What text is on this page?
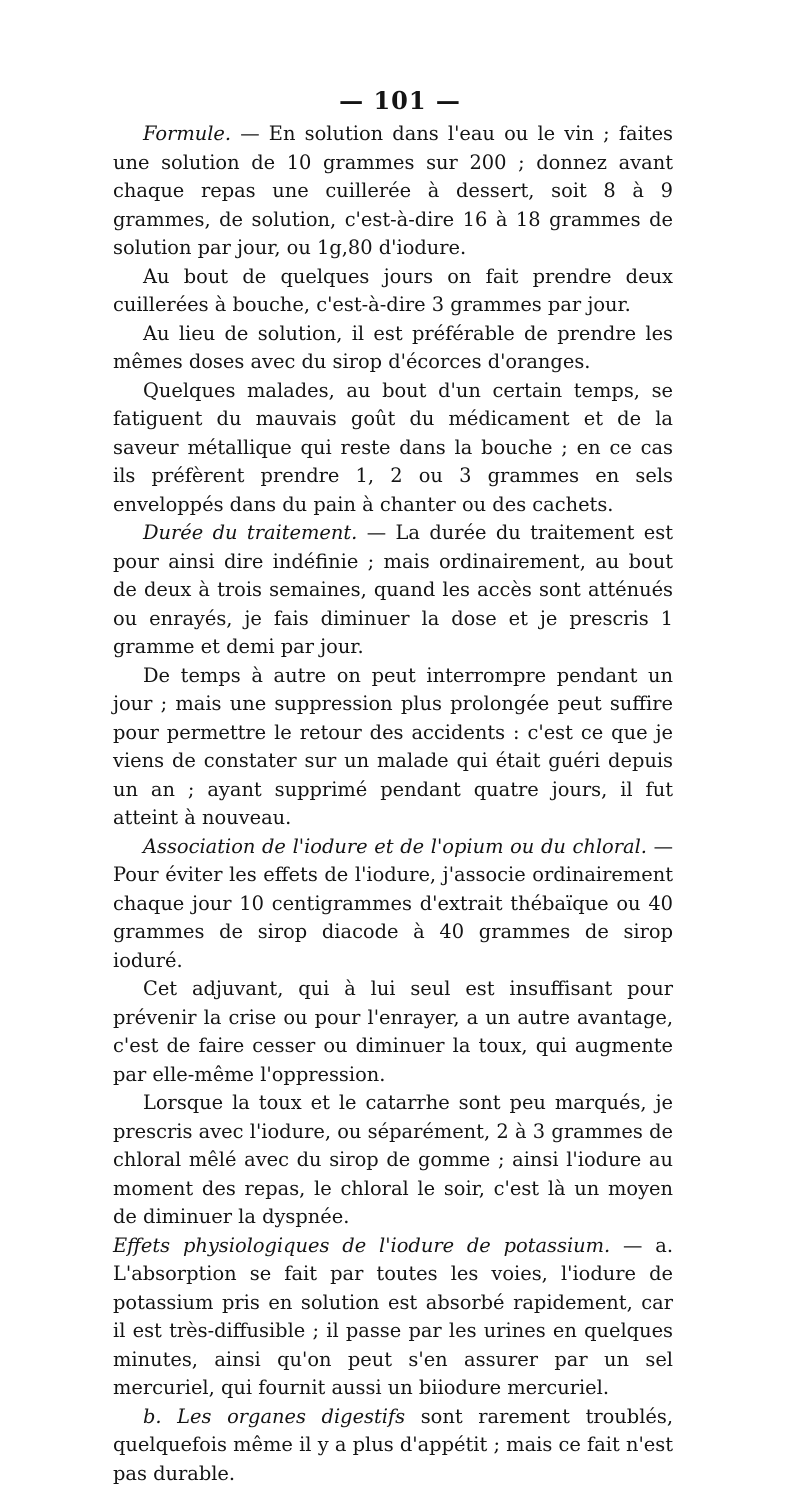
— 101 —

Formule. — En solution dans l'eau ou le vin ; faites une solution de 10 grammes sur 200 ; donnez avant chaque repas une cuillerée à dessert, soit 8 à 9 grammes, de solution, c'est-à-dire 16 à 18 grammes de solution par jour, ou 1g,80 d'iodure.

Au bout de quelques jours on fait prendre deux cuillerées à bouche, c'est-à-dire 3 grammes par jour.

Au lieu de solution, il est préférable de prendre les mêmes doses avec du sirop d'écorces d'oranges.

Quelques malades, au bout d'un certain temps, se fatiguent du mauvais goût du médicament et de la saveur métallique qui reste dans la bouche ; en ce cas ils préfèrent prendre 1, 2 ou 3 grammes en sels enveloppés dans du pain à chanter ou des cachets.

Durée du traitement. — La durée du traitement est pour ainsi dire indéfinie ; mais ordinairement, au bout de deux à trois semaines, quand les accès sont atténués ou enrayés, je fais diminuer la dose et je prescris 1 gramme et demi par jour.

De temps à autre on peut interrompre pendant un jour ; mais une suppression plus prolongée peut suffire pour permettre le retour des accidents : c'est ce que je viens de constater sur un malade qui était guéri depuis un an ; ayant supprimé pendant quatre jours, il fut atteint à nouveau.

Association de l'iodure et de l'opium ou du chloral. — Pour éviter les effets de l'iodure, j'associe ordinairement chaque jour 10 centigrammes d'extrait thébaïque ou 40 grammes de sirop diacode à 40 grammes de sirop ioduré.

Cet adjuvant, qui à lui seul est insuffisant pour prévenir la crise ou pour l'enrayer, a un autre avantage, c'est de faire cesser ou diminuer la toux, qui augmente par elle-même l'oppression.

Lorsque la toux et le catarrhe sont peu marqués, je prescris avec l'iodure, ou séparément, 2 à 3 grammes de chloral mêlé avec du sirop de gomme ; ainsi l'iodure au moment des repas, le chloral le soir, c'est là un moyen de diminuer la dyspnée.

Effets physiologiques de l'iodure de potassium. — a. L'absorption se fait par toutes les voies, l'iodure de potassium pris en solution est absorbé rapidement, car il est très-diffusible ; il passe par les urines en quelques minutes, ainsi qu'on peut s'en assurer par un sel mercuriel, qui fournit aussi un biiodure mercuriel.

b. Les organes digestifs sont rarement troublés, quelquefois même il y a plus d'appétit ; mais ce fait n'est pas durable.
